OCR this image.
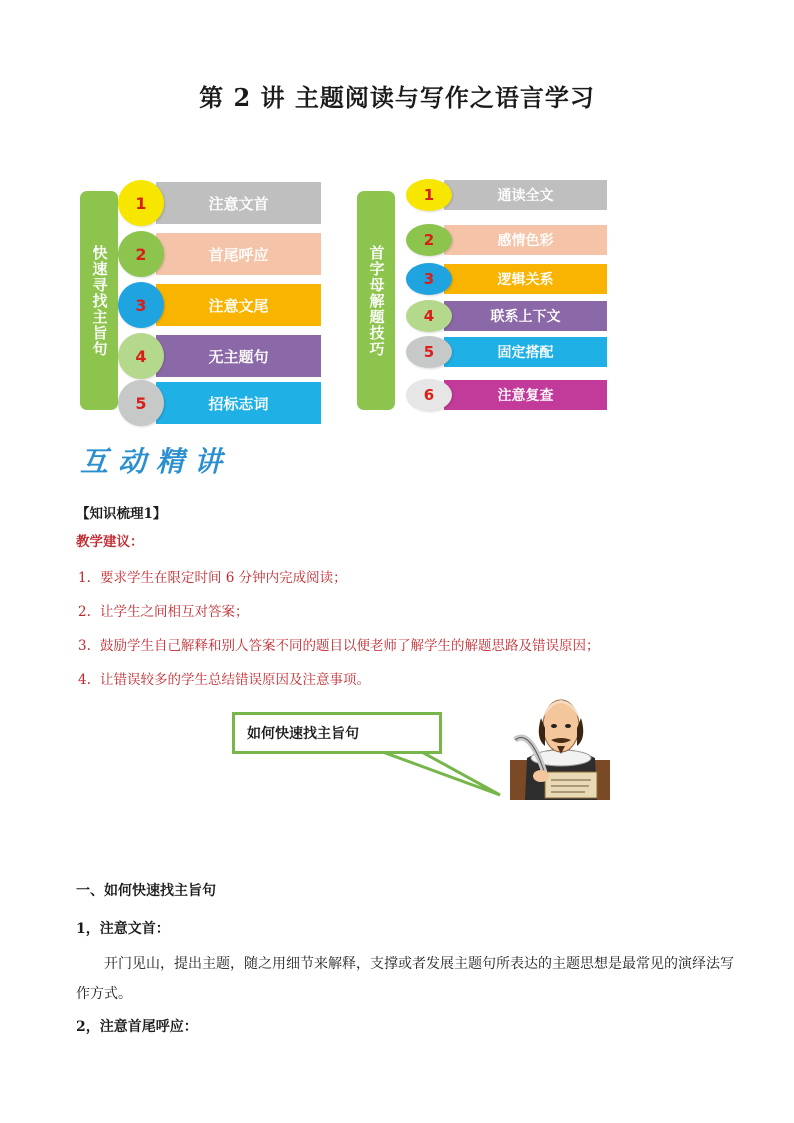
第 2 讲 主题阅读与写作之语言学习
快速寻找主旨句
注意文首
1
首尾呼应
2
注意文尾
3
无主题句
4
招标志词
5
首字母解题技巧
通读全文
1
感情色彩
2
逻辑关系
3
联系上下文
4
固定搭配
5
注意复查
6
互动精讲
【知识梳理1】
教学建议：
1. 要求学生在限定时间 6 分钟内完成阅读；
2. 让学生之间相互对答案；
3. 鼓励学生自己解释和别人答案不同的题目以便老师了解学生的解题思路及错误原因；
4. 让错误较多的学生总结错误原因及注意事项。
如何快速找主旨句
一、如何快速找主旨句
1，注意文首：
开门见山，提出主题，随之用细节来解释，支撑或者发展主题句所表达的主题思想是最常见的演绎法写作方式。
2，注意首尾呼应：
